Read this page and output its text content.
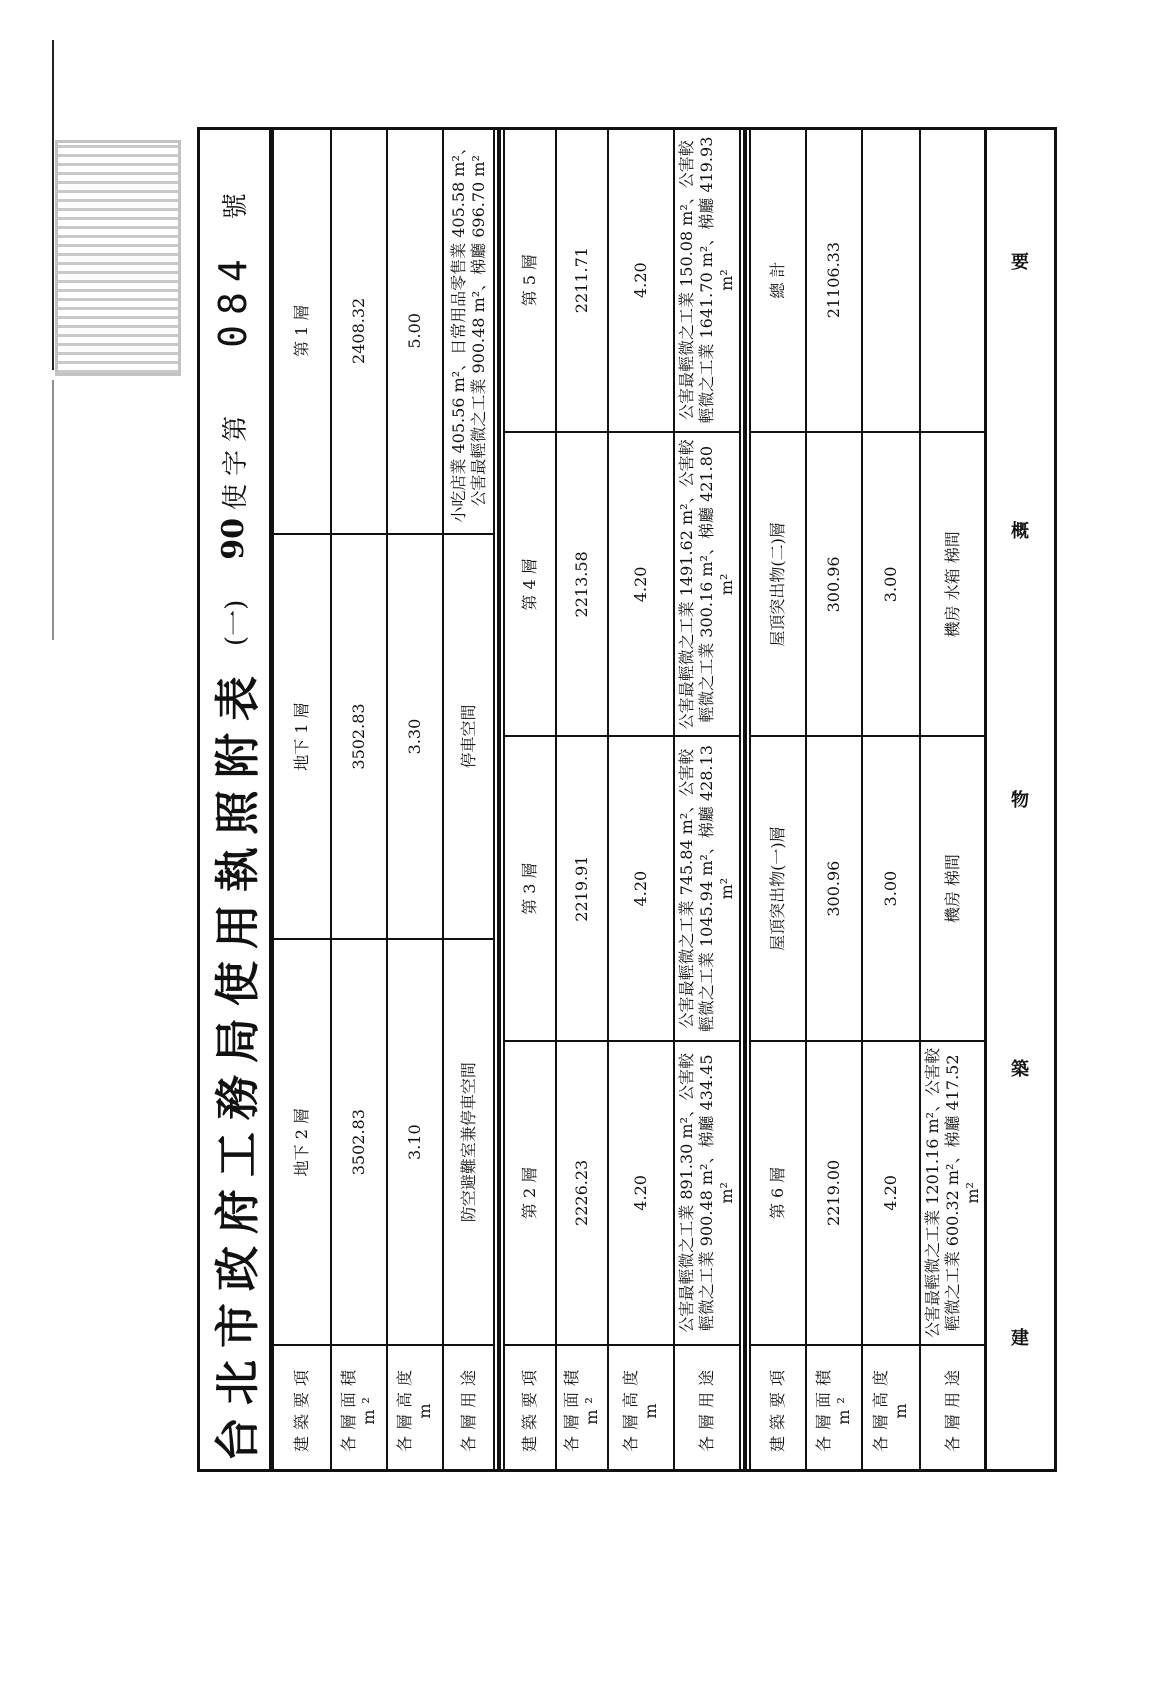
台北市政府工務局使用執照附表
(一)
90
使字第
084
號
建築要項	地下 2 層	地下 1 層	第 1 層
各層面積m²	3502.83	3502.83	2408.32
各層高度 m	3.10	3.30	5.00
各層用途	防空避難室兼停車空間	停車空間	小吃店業 405.56 m²、日常用品零售業 405.58 m²、公害最輕微之工業 900.48 m²、梯廳 696.70 m²
建築要項	第 2 層	第 3 層	第 4 層	第 5 層
各層面積m²	2226.23	2219.91	2213.58	2211.71
各層高度 m	4.20	4.20	4.20	4.20
各層用途	公害最輕微之工業 891.30 m²、公害較輕微之工業 900.48 m²、梯廳 434.45 m²	公害最輕微之工業 745.84 m²、公害較輕微之工業 1045.94 m²、梯廳 428.13 m²	公害最輕微之工業 1491.62 m²、公害較輕微之工業 300.16 m²、梯廳 421.80 m²	公害最輕微之工業 150.08 m²、公害較輕微之工業 1641.70 m²、梯廳 419.93 m²
建築要項	第 6 層	屋頂突出物(一)層	屋頂突出物(二)層	總 計
各層面積m²	2219.00	300.96	300.96	21106.33
各層高度 m	4.20	3.00	3.00	
各層用途	公害最輕微之工業 1201.16 m²、公害較輕微之工業 600.32 m²、梯廳 417.52 m²	機房 梯間	機房 水箱 梯間	
建
築
物
概
要
